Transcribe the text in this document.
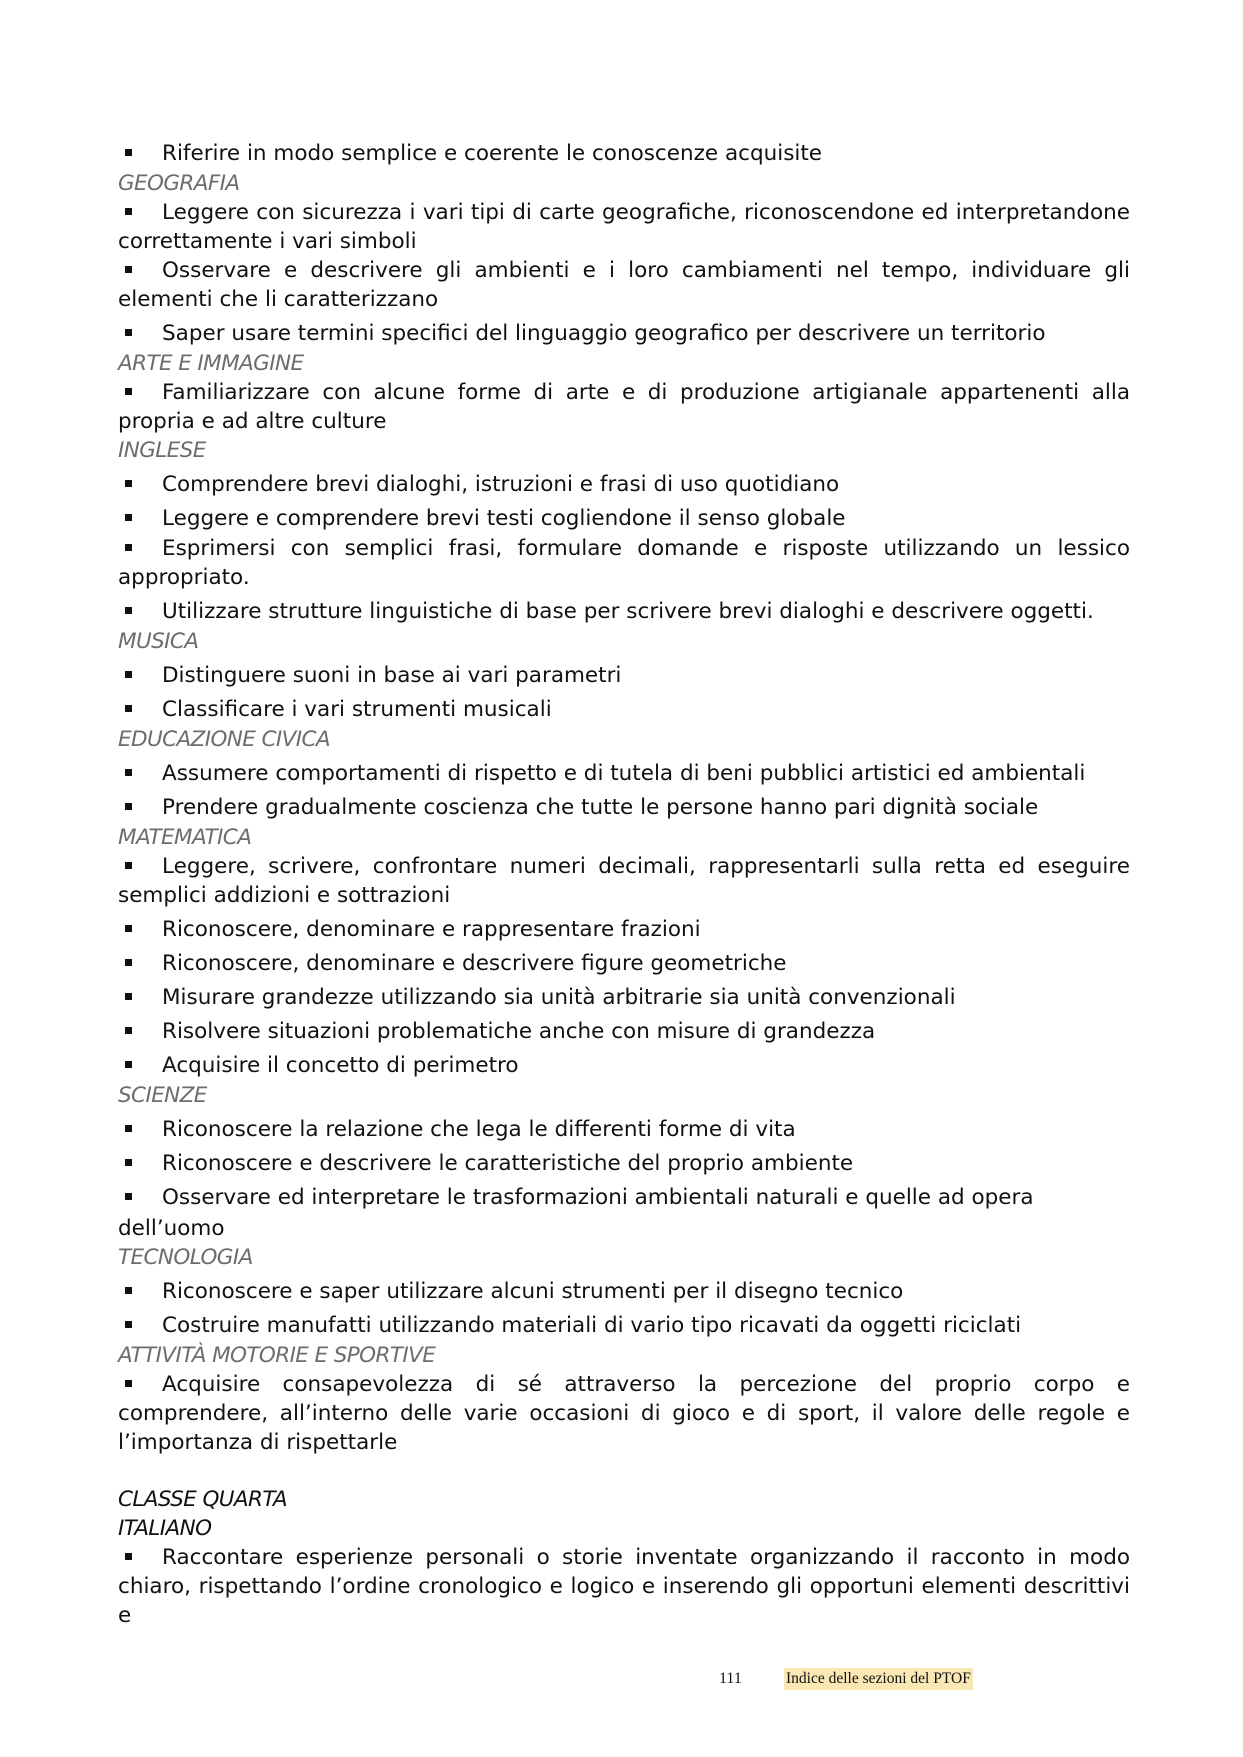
Riferire in modo semplice e coerente le conoscenze acquisite
GEOGRAFIA
Leggere con sicurezza i vari tipi di carte geografiche, riconoscendone ed interpretandone correttamente i vari simboli
Osservare e descrivere gli ambienti e i loro cambiamenti nel tempo, individuare gli elementi che li caratterizzano
Saper usare termini specifici del linguaggio geografico per descrivere un territorio
ARTE E IMMAGINE
Familiarizzare con alcune forme di arte e di produzione artigianale appartenenti alla propria e ad altre culture
INGLESE
Comprendere brevi dialoghi, istruzioni e frasi di uso quotidiano
Leggere e comprendere brevi testi cogliendone il senso globale
Esprimersi con semplici frasi, formulare domande e risposte utilizzando un lessico appropriato.
Utilizzare strutture linguistiche di base per scrivere brevi dialoghi e descrivere oggetti.
MUSICA
Distinguere suoni in base ai vari parametri
Classificare i vari strumenti musicali
EDUCAZIONE CIVICA
Assumere comportamenti di rispetto e di tutela di beni pubblici artistici ed ambientali
Prendere gradualmente coscienza che tutte le persone hanno pari dignità sociale
MATEMATICA
Leggere, scrivere, confrontare numeri decimali, rappresentarli sulla retta ed eseguire semplici addizioni e sottrazioni
Riconoscere, denominare e rappresentare frazioni
Riconoscere, denominare e descrivere figure geometriche
Misurare grandezze utilizzando sia unità arbitrarie sia unità convenzionali
Risolvere situazioni problematiche anche con misure di grandezza
Acquisire il concetto di perimetro
SCIENZE
Riconoscere la relazione che lega le differenti forme di vita
Riconoscere e descrivere le caratteristiche del proprio ambiente
Osservare ed interpretare le trasformazioni ambientali naturali e quelle ad opera
dell’uomo
TECNOLOGIA
Riconoscere e saper utilizzare alcuni strumenti per il disegno tecnico
Costruire manufatti utilizzando materiali di vario tipo ricavati da oggetti riciclati
ATTIVITÀ MOTORIE E SPORTIVE
Acquisire consapevolezza di sé attraverso la percezione del proprio corpo e comprendere, all’interno delle varie occasioni di gioco e di sport, il valore delle regole e l’importanza di rispettarle
CLASSE QUARTA
ITALIANO
Raccontare esperienze personali o storie inventate organizzando il racconto in modo chiaro, rispettando l’ordine cronologico e logico e inserendo gli opportuni elementi descrittivi e
111	Indice delle sezioni del PTOF
